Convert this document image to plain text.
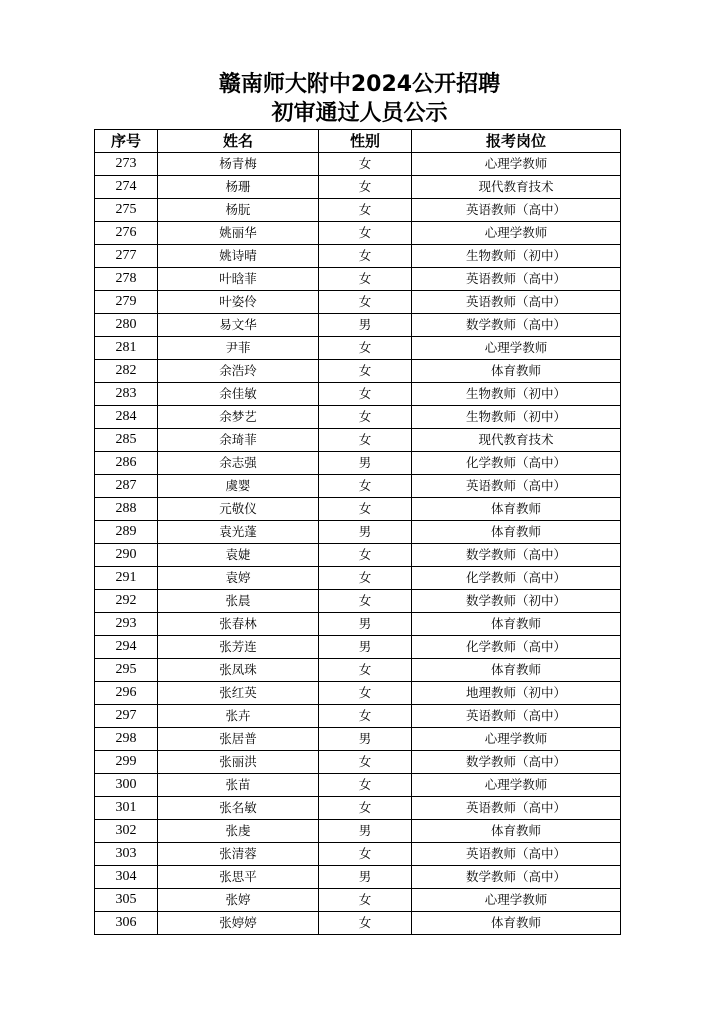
赣南师大附中2024公开招聘
初审通过人员公示
序号	姓名	性别	报考岗位
273	杨青梅	女	心理学教师
274	杨珊	女	现代教育技术
275	杨朊	女	英语教师（高中）
276	姚丽华	女	心理学教师
277	姚诗晴	女	生物教师（初中）
278	叶晗菲	女	英语教师（高中）
279	叶姿伶	女	英语教师（高中）
280	易文华	男	数学教师（高中）
281	尹菲	女	心理学教师
282	余浩玲	女	体育教师
283	余佳敏	女	生物教师（初中）
284	余梦艺	女	生物教师（初中）
285	余琦菲	女	现代教育技术
286	余志强	男	化学教师（高中）
287	虞婴	女	英语教师（高中）
288	元敬仪	女	体育教师
289	袁光蓬	男	体育教师
290	袁婕	女	数学教师（高中）
291	袁婷	女	化学教师（高中）
292	张晨	女	数学教师（初中）
293	张春林	男	体育教师
294	张芳连	男	化学教师（高中）
295	张凤珠	女	体育教师
296	张红英	女	地理教师（初中）
297	张卉	女	英语教师（高中）
298	张居普	男	心理学教师
299	张丽洪	女	数学教师（高中）
300	张苗	女	心理学教师
301	张名敏	女	英语教师（高中）
302	张虔	男	体育教师
303	张清蓉	女	英语教师（高中）
304	张思平	男	数学教师（高中）
305	张婷	女	心理学教师
306	张婷婷	女	体育教师
